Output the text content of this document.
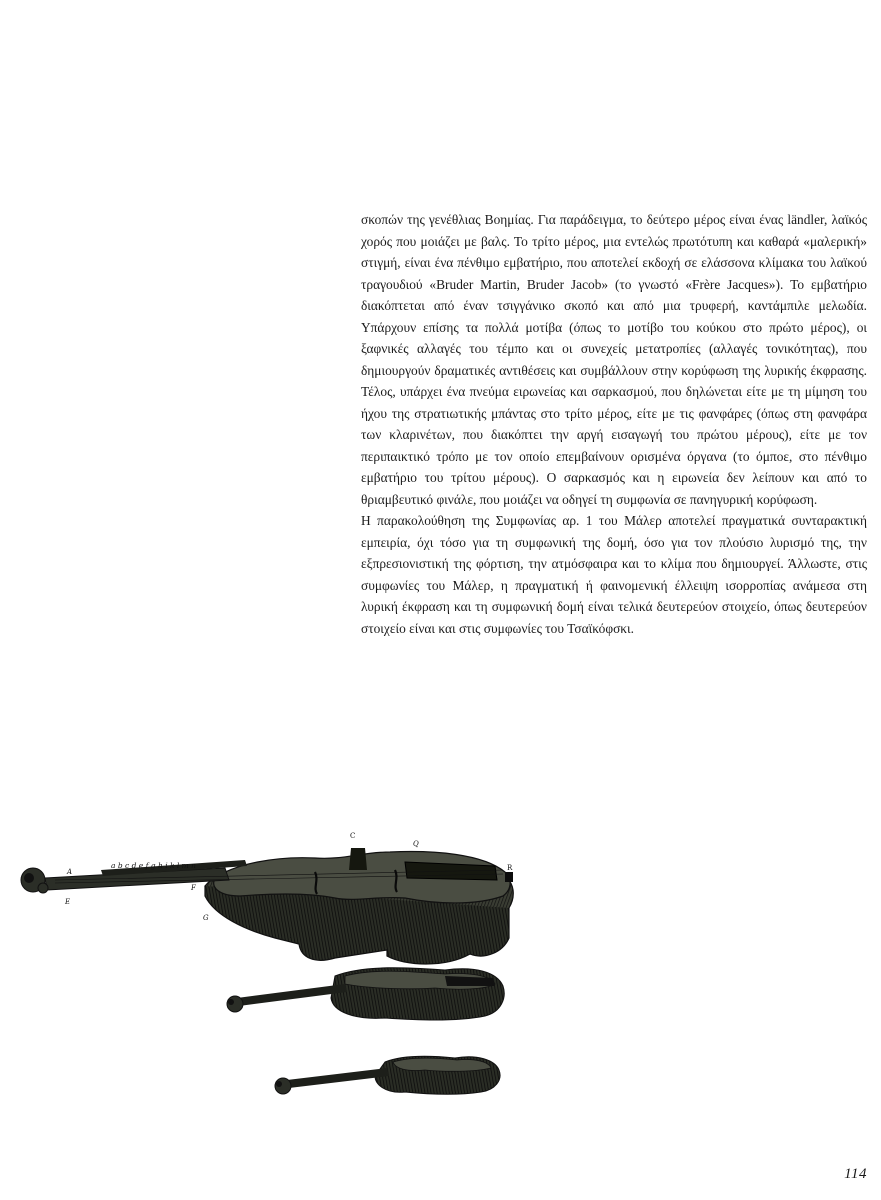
σκοπών της γενέθλιας Βοημίας. Για παράδειγμα, το δεύτερο μέρος είναι ένας ländler, λαϊκός χορός που μοιάζει με βαλς. Το τρίτο μέρος, μια εντελώς πρωτότυπη και καθαρά «μαλερική» στιγμή, είναι ένα πένθιμο εμβατήριο, που αποτελεί εκδοχή σε ελάσσονα κλίμακα του λαϊκού τραγουδιού «Bruder Martin, Bruder Jacob» (το γνωστό «Frère Jacques»). Το εμβατήριο διακόπτεται από έναν τσιγγάνικο σκοπό και από μια τρυφερή, καντάμπιλε μελωδία. Υπάρχουν επίσης τα πολλά μοτίβα (όπως το μοτίβο του κούκου στο πρώτο μέρος), οι ξαφνικές αλλαγές του τέμπο και οι συνεχείς μετατροπίες (αλλαγές τονικότητας), που δημιουργούν δραματικές αντιθέσεις και συμβάλλουν στην κορύφωση της λυρικής έκφρασης. Τέλος, υπάρχει ένα πνεύμα ειρωνείας και σαρκασμού, που δηλώνεται είτε με τη μίμηση του ήχου της στρατιωτικής μπάντας στο τρίτο μέρος, είτε με τις φανφάρες (όπως στη φανφάρα των κλαρινέτων, που διακόπτει την αργή εισαγωγή του πρώτου μέρους), είτε με τον περιπαικτικό τρόπο με τον οποίο επεμβαίνουν ορισμένα όργανα (το όμποε, στο πένθιμο εμβατήριο του τρίτου μέρους). Ο σαρκασμός και η ειρωνεία δεν λείπουν και από το θριαμβευτικό φινάλε, που μοιάζει να οδηγεί τη συμφωνία σε πανηγυρική κορύφωση.

Η παρακολούθηση της Συμφωνίας αρ. 1 του Μάλερ αποτελεί πραγματικά συνταρακτική εμπειρία, όχι τόσο για τη συμφωνική της δομή, όσο για τον πλούσιο λυρισμό της, την εξπρεσιονιστική της φόρτιση, την ατμόσφαιρα και το κλίμα που δημιουργεί. Άλλωστε, στις συμφωνίες του Μάλερ, η πραγματική ή φαινομενική έλλειψη ισορροπίας ανάμεσα στη λυρική έκφραση και τη συμφωνική δομή είναι τελικά δευτερεύον στοιχείο, όπως δευτερεύον στοιχείο είναι και στις συμφωνίες του Τσαϊκόφσκι.

A
a b c d e f g h i k l m n
E
F
G
C
Q
R
114
